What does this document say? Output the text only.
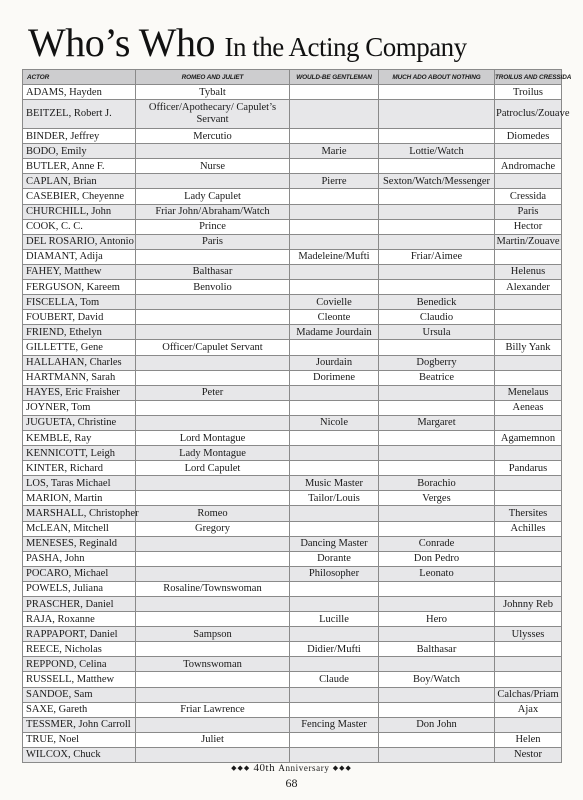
Who’s Who In the Acting Company
ACTOR	ROMEO AND JULIET	WOULD-BE GENTLEMAN	MUCH ADO ABOUT NOTHING	TROILUS AND CRESSIDA
ADAMS, Hayden	Tybalt			Troilus
BEITZEL, Robert J.	Officer/Apothecary/ Capulet’s Servant			Patroclus/Zouave
BINDER, Jeffrey	Mercutio			Diomedes
BODO, Emily		Marie	Lottie/Watch	
BUTLER, Anne F.	Nurse			Andromache
CAPLAN, Brian		Pierre	Sexton/Watch/Messenger	
CASEBIER, Cheyenne	Lady Capulet			Cressida
CHURCHILL, John	Friar John/Abraham/Watch			Paris
COOK, C. C.	Prince			Hector
DEL ROSARIO, Antonio	Paris			Martin/Zouave
DIAMANT, Adija		Madeleine/Mufti	Friar/Aimee	
FAHEY, Matthew	Balthasar			Helenus
FERGUSON, Kareem	Benvolio			Alexander
FISCELLA, Tom		Covielle	Benedick	
FOUBERT, David		Cleonte	Claudio	
FRIEND, Ethelyn		Madame Jourdain	Ursula	
GILLETTE, Gene	Officer/Capulet Servant			Billy Yank
HALLAHAN, Charles		Jourdain	Dogberry	
HARTMANN, Sarah		Dorimene	Beatrice	
HAYES, Eric Fraisher	Peter			Menelaus
JOYNER, Tom				Aeneas
JUGUETA, Christine		Nicole	Margaret	
KEMBLE, Ray	Lord Montague			Agamemnon
KENNICOTT, Leigh	Lady Montague			
KINTER, Richard	Lord Capulet			Pandarus
LOS, Taras Michael		Music Master	Borachio	
MARION, Martin		Tailor/Louis	Verges	
MARSHALL, Christopher	Romeo			Thersites
McLEAN, Mitchell	Gregory			Achilles
MENESES, Reginald		Dancing Master	Conrade	
PASHA, John		Dorante	Don Pedro	
POCARO, Michael		Philosopher	Leonato	
POWELS, Juliana	Rosaline/Townswoman			
PRASCHER, Daniel				Johnny Reb
RAJA, Roxanne		Lucille	Hero	
RAPPAPORT, Daniel	Sampson			Ulysses
REECE, Nicholas		Didier/Mufti	Balthasar	
REPPOND, Celina	Townswoman			
RUSSELL, Matthew		Claude	Boy/Watch	
SANDOE, Sam				Calchas/Priam
SAXE, Gareth	Friar Lawrence			Ajax
TESSMER, John Carroll		Fencing Master	Don John	
TRUE, Noel	Juliet			Helen
WILCOX, Chuck				Nestor
◆◆◆ 40th Anniversary ◆◆◆
68
